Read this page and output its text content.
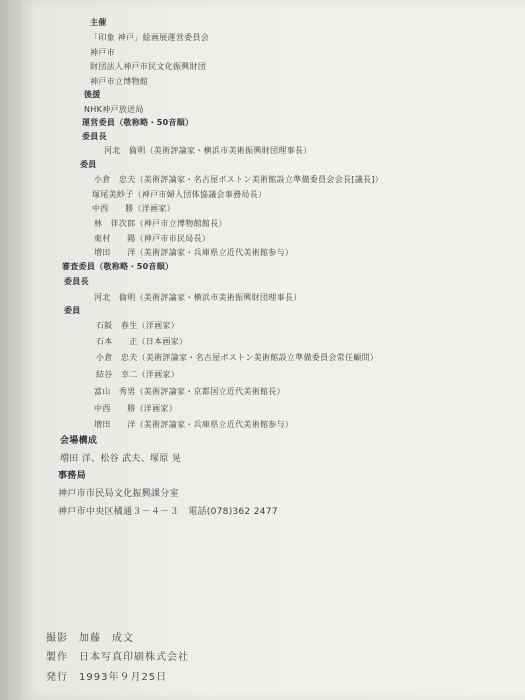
主催
「印象 神戸」絵画展運営委員会
神戸市
財団法人神戸市民文化振興財団
神戸市立博物館
後援
NHK神戸放送局
運営委員（敬称略・50音順）
委員長
河北　倫明（美術評論家・横浜市美術振興財団理事長）
委員
小倉　忠夫（美術評論家・名古屋ボストン美術館設立準備委員会会長[議長]）
塚尾美紗子（神戸市婦人団体協議会事務局長）
中西　　勝（洋画家）
林　伴次郎（神戸市立博物館館長）
東村　　陽（神戸市市民局長）
増田　　洋（美術評論家・兵庫県立近代美術館参与）
審査委員（敬称略・50音順）
委員長
河北　倫明（美術評論家・横浜市美術振興財団理事長）
委員
石阪　春生（洋画家）
石本　　正（日本画家）
小倉　忠夫（美術評論家・名古屋ボストン美術館設立準備委員会常任顧問）
結谷　幸二（洋画家）
富山　秀男（美術評論家・京都国立近代美術館長）
中西　　勝（洋画家）
増田　　洋（美術評論家・兵庫県立近代美術館参与）
会場構成
増田 洋、松谷 武夫、塚原 晃
事務局
神戸市市民局文化振興課分室
神戸市中央区橘通３－４－３　電話(078)362 2477
撮影　加藤　成文
製作　日本写真印刷株式会社
発行　1993年９月25日
